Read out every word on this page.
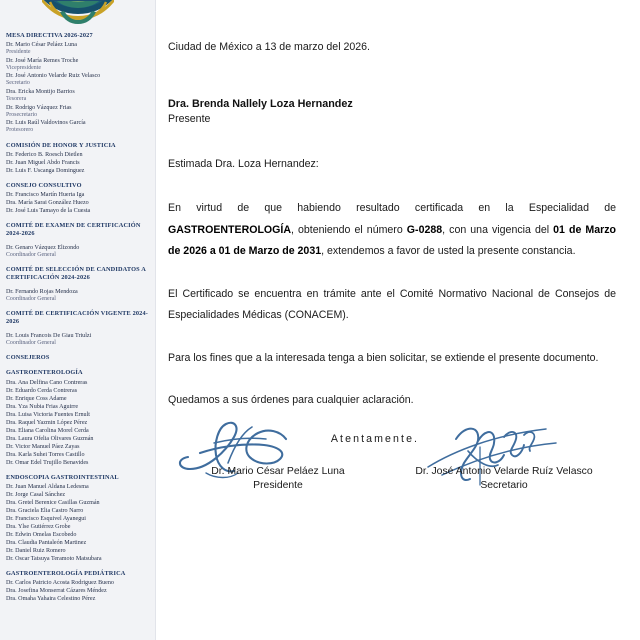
MESA DIRECTIVA 2026-2027
Dr. Mario César Peláez Luna
Presidente
Dr. José María Remes Troche
Vicepresidente
Dr. José Antonio Velarde Ruiz Velasco
Secretario
Dra. Ericka Montijo Barrios
Tesorera
Dr. Rodrigo Vázquez Frias
Prosecretario
Dr. Luis Raúl Valdovinos García
Protesorero
COMISIÓN DE HONOR Y JUSTICIA
Dr. Federico B. Roesch Dietlen
Dr. Juan Miguel Abdo Francis
Dr. Luis F. Uscanga Dominguez
CONSEJO CONSULTIVO
Dr. Francisco Martín Huerta Iga
Dra. María Sarai González Huezo
Dr. José Luis Tamayo de la Cuesta
COMITÉ DE EXAMEN DE CERTIFICACIÓN 2024-2026
Dr. Genaro Vázquez Elizondo
Coordinador General
COMITÉ DE SELECCIÓN DE CANDIDATOS A CERTIFICACIÓN 2024-2026
Dr. Fernando Rojas Mendoza
Coordinador General
COMITÉ DE CERTIFICACIÓN VIGENTE 2024-2026
Dr. Louis Francois De Giau Triulzi
Coordinador General
CONSEJEROS
GASTROENTEROLOGÍA
Dra. Ana Delfina Cano Contreras
Dr. Eduardo Cerda Contreras
Dr. Enrique Coss Adame
Dra. Yza Nubia Frias Aguirre
Dra. Luisa Victoria Fuentes Ernult
Dra. Raquel Yazmin López Pérez
Dra. Eliana Carolina Morel Cerda
Dra. Laura Ofelia Olivares Guzmán
Dr. Victor Manuel Páez Zayas
Dra. Karla Suhei Torres Castillo
Dr. Omar Edel Trujillo Benavides
ENDOSCOPIA GASTROINTESTINAL
Dr. Juan Manuel Aldana Ledesma
Dr. Jorge Casal Sánchez
Dra. Gretel Berenice Casillas Guzmán
Dra. Graciela Elia Castro Narro
Dr. Francisco Esquivel Ayanegui
Dra. Ylse Gutiérrez Grobe
Dr. Edwin Omelas Escobedo
Dra. Claudia Pantaleón Martinez
Dr. Daniel Ruiz Romero
Dr. Oscar Tatsuya Teramoto Matsubara
GASTROENTEROLOGÍA PEDIÁTRICA
Dr. Carlos Patricio Acosta Rodriguez Bueno
Dra. Josefina Monserrat Cázares Méndez
Dra. Omaha Yahaira Celestino Pérez
Ciudad de México a 13 de marzo del 2026.
Dra. Brenda Nallely Loza Hernandez
Presente
Estimada Dra. Loza Hernandez:

En virtud de que habiendo resultado certificada en la Especialidad de GASTROENTEROLOGÍA, obteniendo el número G-0288, con una vigencia del 01 de Marzo de 2026 a 01 de Marzo de 2031, extendemos a favor de usted la presente constancia.

El Certificado se encuentra en trámite ante el Comité Normativo Nacional de Consejos de Especialidades Médicas (CONACEM).

Para los fines que a la interesada tenga a bien solicitar, se extiende el presente documento.

Quedamos a sus órdenes para cualquier aclaración.

Atentamente.
Dr. Mario César Peláez Luna
Presidente
Dr. José Antonio Velarde Ruíz Velasco
Secretario
